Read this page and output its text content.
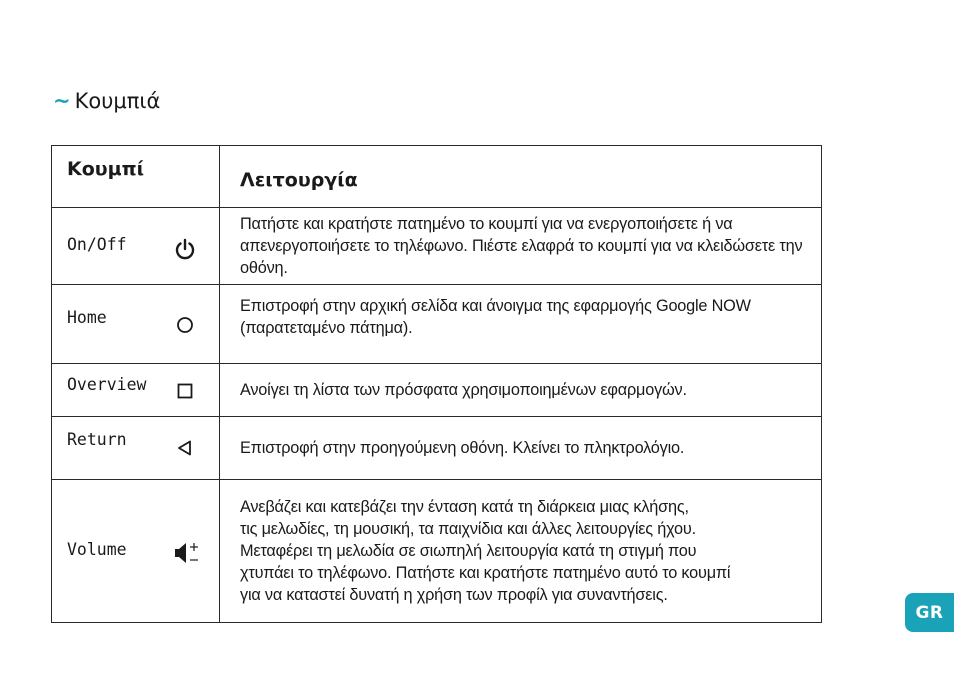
~ Κουμπιά
Κουμπί	Λειτουργία

On/Off	Πατήστε και κρατήστε πατημένο το κουμπί για να ενεργοποιήσετε ή να απενεργοποιήσετε το τηλέφωνο. Πιέστε ελαφρά το κουμπί για να κλειδώσετε την οθόνη.

Home	Επιστροφή στην αρχική σελίδα και άνοιγμα της εφαρμογής Google NOW (παρατεταμένο πάτημα).

Overview	Ανοίγει τη λίστα των πρόσφατα χρησιμοποιημένων εφαρμογών.

Return	Επιστροφή στην προηγούμενη οθόνη. Κλείνει το πληκτρολόγιο.

Volume	Ανεβάζει και κατεβάζει την ένταση κατά τη διάρκεια μιας κλήσης,

τις μελωδίες, τη μουσική, τα παιχνίδια και άλλες λειτουργίες ήχου.

Μεταφέρει τη μελωδία σε σιωπηλή λειτουργία κατά τη στιγμή που

χτυπάει το τηλέφωνο. Πατήστε και κρατήστε πατημένο αυτό το κουμπί

για να καταστεί δυνατή η χρήση των προφίλ για συναντήσεις.

GR
